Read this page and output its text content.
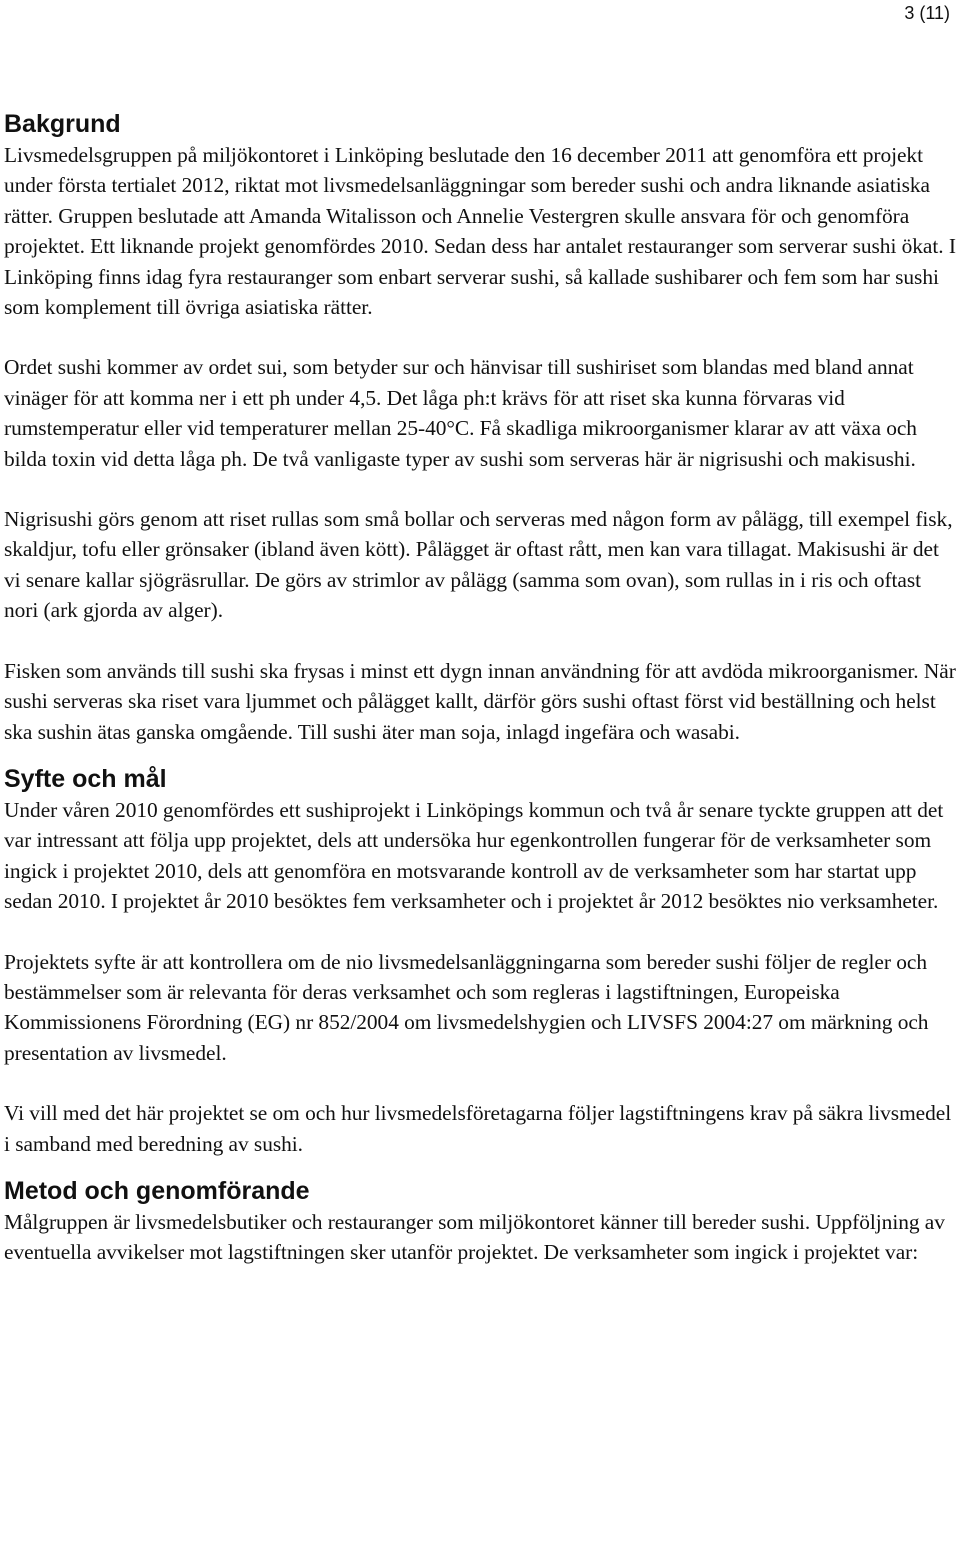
3 (11)
Bakgrund

Livsmedelsgruppen på miljökontoret i Linköping beslutade den 16 december 2011 att genomföra ett projekt under första tertialet 2012, riktat mot livsmedelsanläggningar som bereder sushi och andra liknande asiatiska rätter. Gruppen beslutade att Amanda Witalisson och Annelie Vestergren skulle ansvara för och genomföra projektet. Ett liknande projekt genomfördes 2010. Sedan dess har antalet restauranger som serverar sushi ökat. I Linköping finns idag fyra restauranger som enbart serverar sushi, så kallade sushibarer och fem som har sushi som komplement till övriga asiatiska rätter.

Ordet sushi kommer av ordet sui, som betyder sur och hänvisar till sushiriset som blandas med bland annat vinäger för att komma ner i ett ph under 4,5. Det låga ph:t krävs för att riset ska kunna förvaras vid rumstemperatur eller vid temperaturer mellan 25-40°C. Få skadliga mikroorganismer klarar av att växa och bilda toxin vid detta låga ph. De två vanligaste typer av sushi som serveras här är nigrisushi och makisushi.

Nigrisushi görs genom att riset rullas som små bollar och serveras med någon form av pålägg, till exempel fisk, skaldjur, tofu eller grönsaker (ibland även kött). Pålägget är oftast rått, men kan vara tillagat. Makisushi är det vi senare kallar sjögräsrullar. De görs av strimlor av pålägg (samma som ovan), som rullas in i ris och oftast nori (ark gjorda av alger).

Fisken som används till sushi ska frysas i minst ett dygn innan användning för att avdöda mikroorganismer. När sushi serveras ska riset vara ljummet och pålägget kallt, därför görs sushi oftast först vid beställning och helst ska sushin ätas ganska omgående. Till sushi äter man soja, inlagd ingefära och wasabi.

Syfte och mål

Under våren 2010 genomfördes ett sushiprojekt i Linköpings kommun och två år senare tyckte gruppen att det var intressant att följa upp projektet, dels att undersöka hur egenkontrollen fungerar för de verksamheter som ingick i projektet 2010, dels att genomföra en motsvarande kontroll av de verksamheter som har startat upp sedan 2010. I projektet år 2010 besöktes fem verksamheter och i projektet år 2012 besöktes nio verksamheter.

Projektets syfte är att kontrollera om de nio livsmedelsanläggningarna som bereder sushi följer de regler och bestämmelser som är relevanta för deras verksamhet och som regleras i lagstiftningen, Europeiska Kommissionens Förordning (EG) nr 852/2004 om livsmedelshygien och LIVSFS 2004:27 om märkning och presentation av livsmedel.

Vi vill med det här projektet se om och hur livsmedelsföretagarna följer lagstiftningens krav på säkra livsmedel i samband med beredning av sushi.

Metod och genomförande

Målgruppen är livsmedelsbutiker och restauranger som miljökontoret känner till bereder sushi. Uppföljning av eventuella avvikelser mot lagstiftningen sker utanför projektet. De verksamheter som ingick i projektet var:
